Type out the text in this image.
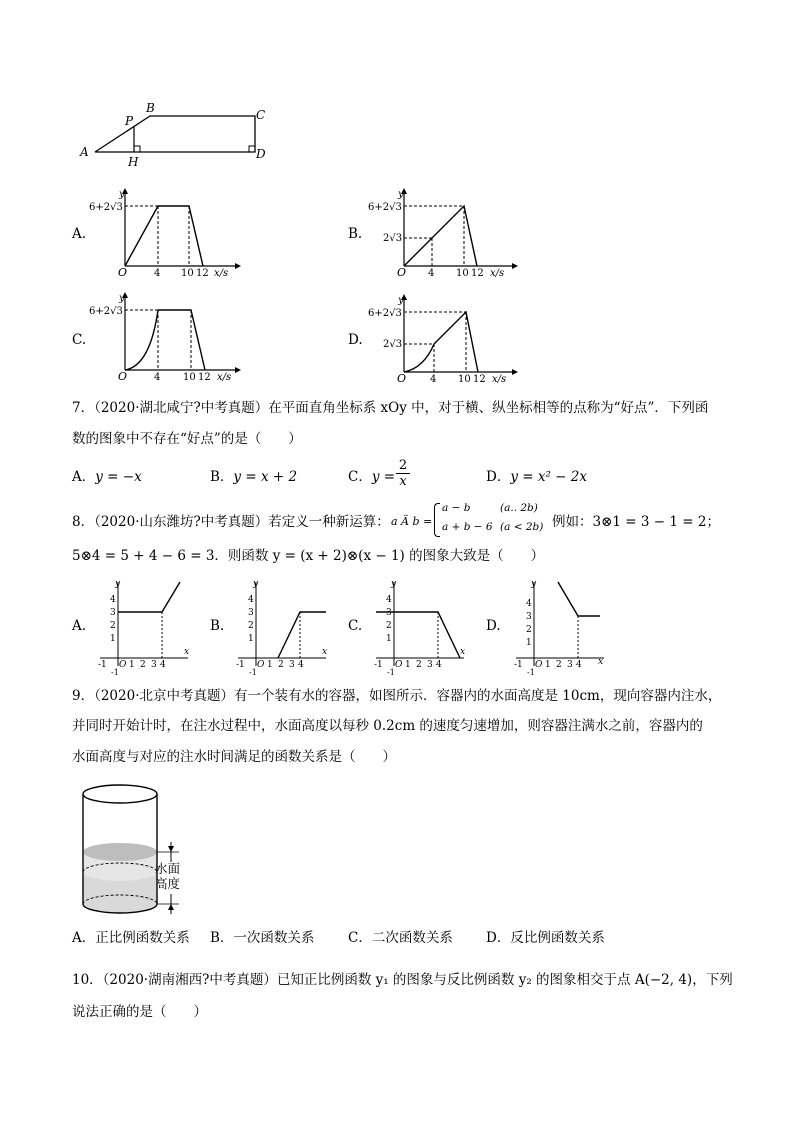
A
B	C
D
P
H
A.
6+2√3
y
O	4 10 12 x/s
B.
6+2√3
2√3
y
O 4 10 12 x/s
C.
6+2√3
y
O	4 10 12 x/s
D.
6+2√3
2√3
y
O 4 10 12 x/s
7．（2020·湖北咸宁?中考真题）在平面直角坐标系 xOy 中，对于横、纵坐标相等的点称为“好点”．下列函
数的图象中不存在“好点”的是（　　）
A．y = −x	B．y = x + 2	C．$y = \frac{2}{x}$	D．y = x² − 2x
8．（2020·山东潍坊?中考真题）若定义一种新运算： a Ä b =
a − b	(a.. 2b)
a + b − 6 (a < 2b) 例如：3⊗1 = 3 − 1 = 2；
5⊗4 = 5 + 4 − 6 = 3．则函数 y = (x + 2)⊗(x − 1) 的图象大致是（　　）
A.
y
x
4
3
2
1
-1 O 1 2 3 4
-1
B.
y
x
4
3
2
1
-1 O 1 2 3 4
-1
C.
y
x
4
3
2
1
-1 O 1 2 3 4
-1
D.
y
x
4
3
2
1
-1 O 1 2 3 4
-1
9．（2020·北京中考真题）有一个装有水的容器，如图所示．容器内的水面高度是 10cm，现向容器内注水，
并同时开始计时，在注水过程中，水面高度以每秒 0.2cm 的速度匀速增加，则容器注满水之前，容器内的
水面高度与对应的注水时间满足的函数关系是（　　）
水面
高度
A．正比例函数关系 B．一次函数关系 C．二次函数关系 D．反比例函数关系
10．（2020·湖南湘西?中考真题）已知正比例函数 y₁ 的图象与反比例函数 y₂ 的图象相交于点 A(−2, 4)，下列
说法正确的是（　　）
